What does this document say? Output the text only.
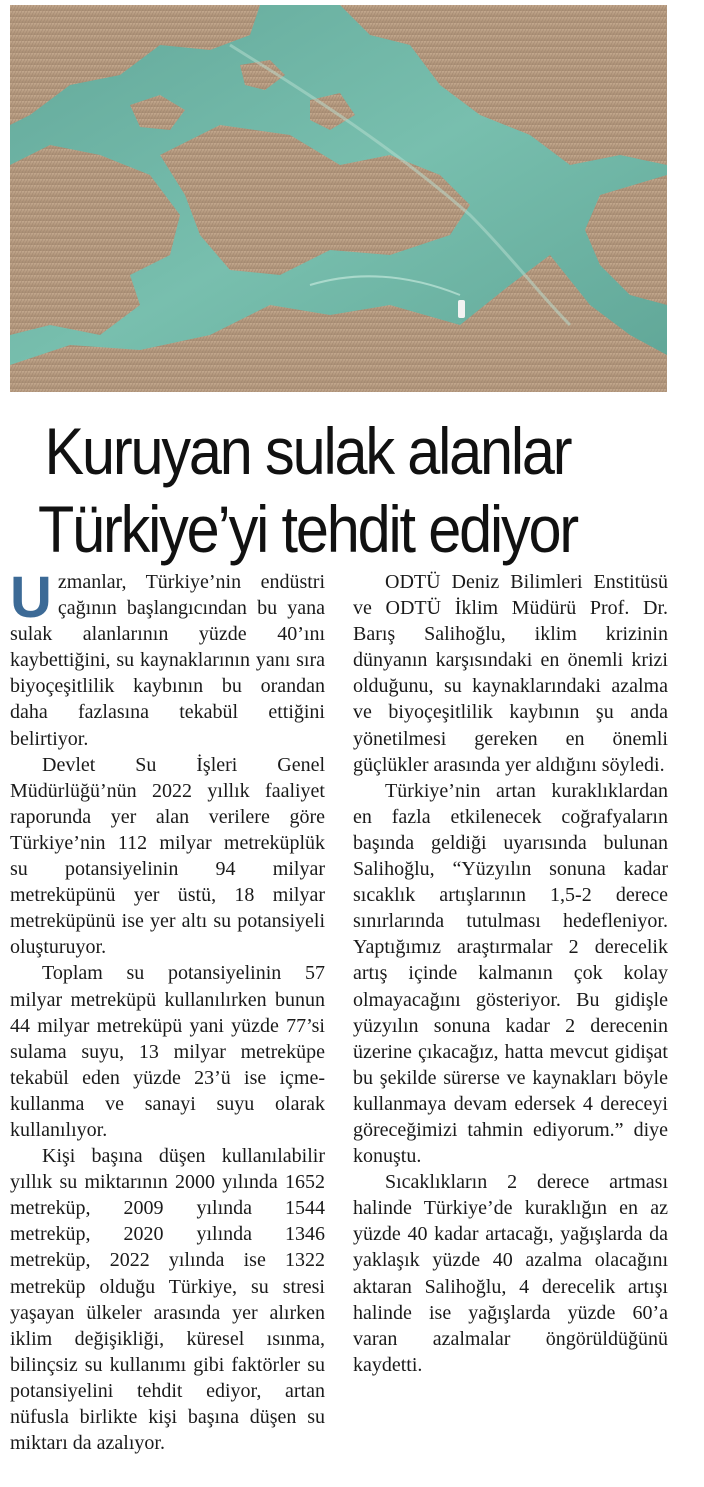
Kuruyan sulak alanlar
Türkiye’yi tehdit ediyor

Uzmanlar, Türkiye’nin endüstri çağının başlangıcından bu yana sulak alanlarının yüzde 40’ını kaybettiğini, su kaynaklarının yanı sıra biyoçeşitlilik kaybının bu orandan daha fazlasına tekabül ettiğini belirtiyor.

Devlet Su İşleri Genel Müdürlüğü’nün 2022 yıllık faaliyet raporunda yer alan verilere göre Türkiye’nin 112 milyar metreküplük su potansiyelinin 94 milyar metreküpünü yer üstü, 18 milyar metreküpünü ise yer altı su potansiyeli oluşturuyor.

Toplam su potansiyelinin 57 milyar metreküpü kullanılırken bunun 44 milyar metreküpü yani yüzde 77’si sulama suyu, 13 milyar metreküpe tekabül eden yüzde 23’ü ise içme-kullanma ve sanayi suyu olarak kullanılıyor.

Kişi başına düşen kullanılabilir yıllık su miktarının 2000 yılında 1652 metreküp, 2009 yılında 1544 metreküp, 2020 yılında 1346 metreküp, 2022 yılında ise 1322 metreküp olduğu Türkiye, su stresi yaşayan ülkeler arasında yer alırken iklim değişikliği, küresel ısınma, bilinçsiz su kullanımı gibi faktörler su potansiyelini tehdit ediyor, artan nüfusla birlikte kişi başına düşen su miktarı da azalıyor.

ODTÜ Deniz Bilimleri Enstitüsü ve ODTÜ İklim Müdürü Prof. Dr. Barış Salihoğlu, iklim krizinin dünyanın karşısındaki en önemli krizi olduğunu, su kaynaklarındaki azalma ve biyoçeşitlilik kaybının şu anda yönetilmesi gereken en önemli güçlükler arasında yer aldığını söyledi.

Türkiye’nin artan kuraklıklardan en fazla etkilenecek coğrafyaların başında geldiği uyarısında bulunan Salihoğlu, “Yüzyılın sonuna kadar sıcaklık artışlarının 1,5-2 derece sınırlarında tutulması hedefleniyor. Yaptığımız araştırmalar 2 derecelik artış içinde kalmanın çok kolay olmayacağını gösteriyor. Bu gidişle yüzyılın sonuna kadar 2 derecenin üzerine çıkacağız, hatta mevcut gidişat bu şekilde sürerse ve kaynakları böyle kullanmaya devam edersek 4 dereceyi göreceğimizi tahmin ediyorum.” diye konuştu.

Sıcaklıkların 2 derece artması halinde Türkiye’de kuraklığın en az yüzde 40 kadar artacağı, yağışlarda da yaklaşık yüzde 40 azalma olacağını aktaran Salihoğlu, 4 derecelik artışı halinde ise yağışlarda yüzde 60’a varan azalmalar öngörüldüğünü kaydetti.
